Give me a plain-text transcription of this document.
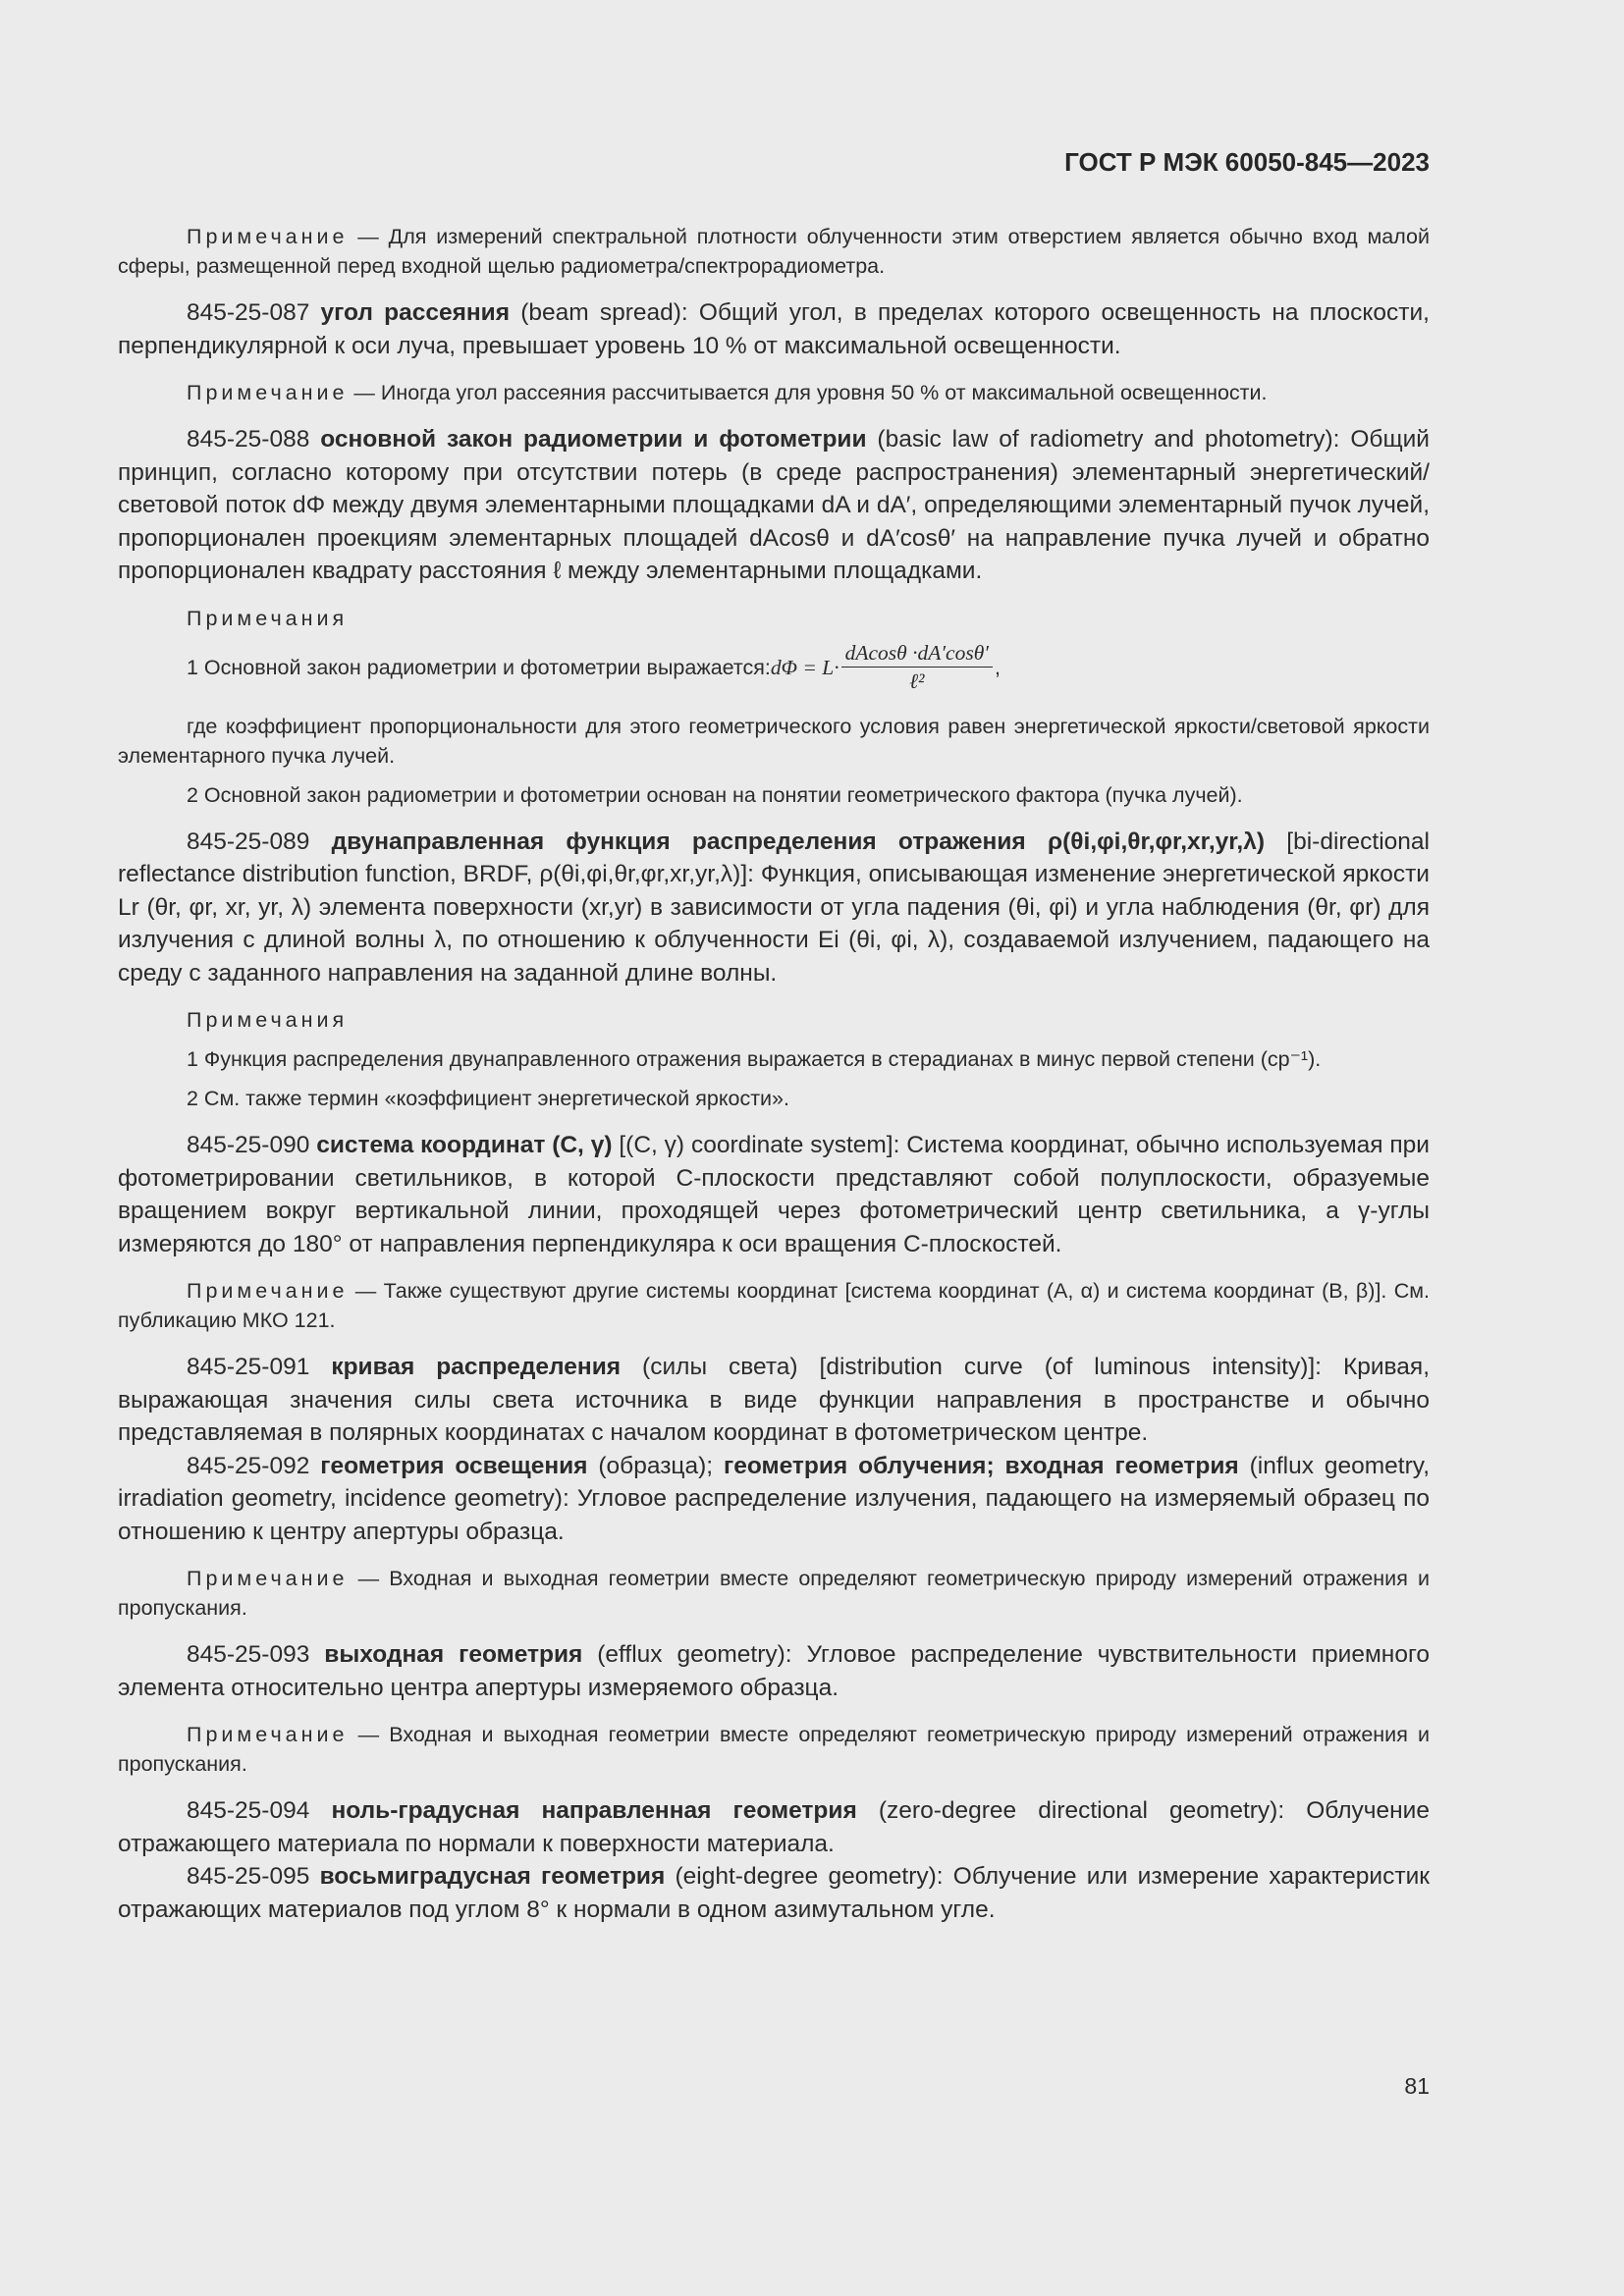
ГОСТ Р МЭК 60050-845—2023

Примечание — Для измерений спектральной плотности облученности этим отверстием является обычно вход малой сферы, размещенной перед входной щелью радиометра/спектрорадиометра.

845-25-087 угол рассеяния (beam spread): Общий угол, в пределах которого освещенность на плоскости, перпендикулярной к оси луча, превышает уровень 10 % от максимальной освещенности.

Примечание — Иногда угол рассеяния рассчитывается для уровня 50 % от максимальной освещенности.

845-25-088 основной закон радиометрии и фотометрии (basic law of radiometry and photometry): Общий принцип, согласно которому при отсутствии потерь (в среде распространения) элементарный энергетический/световой поток dΦ между двумя элементарными площадками dA и dA′, определяющими элементарный пучок лучей, пропорционален проекциям элементарных площадей dAcosθ и dA′cosθ′ на направление пучка лучей и обратно пропорционален квадрату расстояния ℓ между элементарными площадками.

Примечания

1 Основной закон радиометрии и фотометрии выражается: $d\Phi = L\cdot \frac{dAcos\theta \cdot dA'\cos\theta'}{\text{ℓ²}}$ ,

где коэффициент пропорциональности для этого геометрического условия равен энергетической яркости/световой яркости элементарного пучка лучей.

2 Основной закон радиометрии и фотометрии основан на понятии геометрического фактора (пучка лучей).

845-25-089 двунаправленная функция распределения отражения ρ(θi,φi,θr,φr,xr,yr,λ) [bi-directional reflectance distribution function, BRDF, ρ(θi,φi,θr,φr,xr,yr,λ)]: Функция, описывающая изменение энергетической яркости Lr (θr, φr, xr, yr, λ) элемента поверхности (xr,yr) в зависимости от угла падения (θi, φi) и угла наблюдения (θr, φr) для излучения с длиной волны λ, по отношению к облученности Ei (θi, φi, λ), создаваемой излучением, падающего на среду с заданного направления на заданной длине волны.

Примечания

1 Функция распределения двунаправленного отражения выражается в стерадианах в минус первой степени (ср⁻¹).

2 См. также термин «коэффициент энергетической яркости».

845-25-090 система координат (C, γ) [(C, γ) coordinate system]: Система координат, обычно используемая при фотометрировании светильников, в которой C-плоскости представляют собой полуплоскости, образуемые вращением вокруг вертикальной линии, проходящей через фотометрический центр светильника, а γ-углы измеряются до 180° от направления перпендикуляра к оси вращения C-плоскостей.

Примечание — Также существуют другие системы координат [система координат (A, α) и система координат (B, β)]. См. публикацию МКО 121.

845-25-091 кривая распределения (силы света) [distribution curve (of luminous intensity)]: Кривая, выражающая значения силы света источника в виде функции направления в пространстве и обычно представляемая в полярных координатах с началом координат в фотометрическом центре.

845-25-092 геометрия освещения (образца); геометрия облучения; входная геометрия (influx geometry, irradiation geometry, incidence geometry): Угловое распределение излучения, падающего на измеряемый образец по отношению к центру апертуры образца.

Примечание — Входная и выходная геометрии вместе определяют геометрическую природу измерений отражения и пропускания.

845-25-093 выходная геометрия (efflux geometry): Угловое распределение чувствительности приемного элемента относительно центра апертуры измеряемого образца.

Примечание — Входная и выходная геометрии вместе определяют геометрическую природу измерений отражения и пропускания.

845-25-094 ноль-градусная направленная геометрия (zero-degree directional geometry): Облучение отражающего материала по нормали к поверхности материала.

845-25-095 восьмиградусная геометрия (eight-degree geometry): Облучение или измерение характеристик отражающих материалов под углом 8° к нормали в одном азимутальном угле.

81
